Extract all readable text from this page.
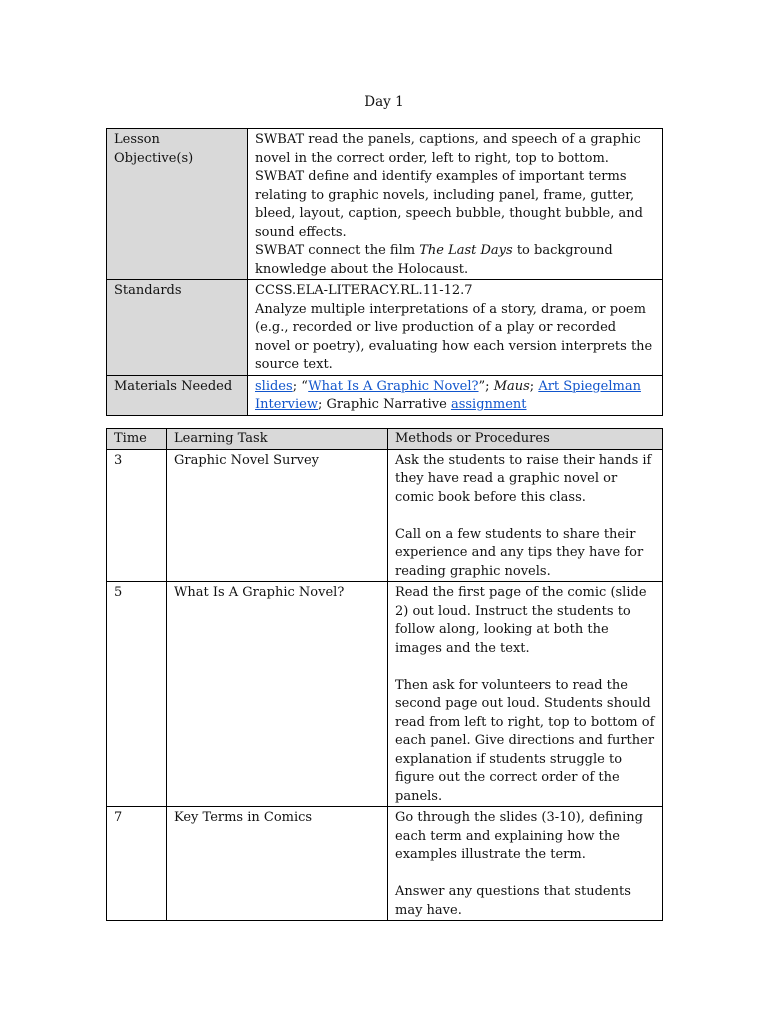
Day 1
Lesson Objective(s)	SWBAT read the panels, captions, and speech of a graphic novel in the correct order, left to right, top to bottom.

SWBAT define and identify examples of important terms relating to graphic novels, including panel, frame, gutter, bleed, layout, caption, speech bubble, thought bubble, and sound effects.

SWBAT connect the film The Last Days to background knowledge about the Holocaust.

Standards	CCSS.ELA-LITERACY.RL.11-12.7

Analyze multiple interpretations of a story, drama, or poem (e.g., recorded or live production of a play or recorded novel or poetry), evaluating how each version interprets the source text.

Materials Needed	slides; “What Is A Graphic Novel?”; Maus; Art Spiegelman Interview; Graphic Narrative assignment
Time	Learning Task	Methods or Procedures
3	Graphic Novel Survey	Ask the students to raise their hands if they have read a graphic novel or comic book before this class.

Call on a few students to share their experience and any tips they have for reading graphic novels.

5	What Is A Graphic Novel?	Read the first page of the comic (slide 2) out loud. Instruct the students to follow along, looking at both the images and the text.

Then ask for volunteers to read the second page out loud. Students should read from left to right, top to bottom of each panel. Give directions and further explanation if students struggle to figure out the correct order of the panels.

7	Key Terms in Comics	Go through the slides (3-10), defining each term and explaining how the examples illustrate the term.

Answer any questions that students may have.
